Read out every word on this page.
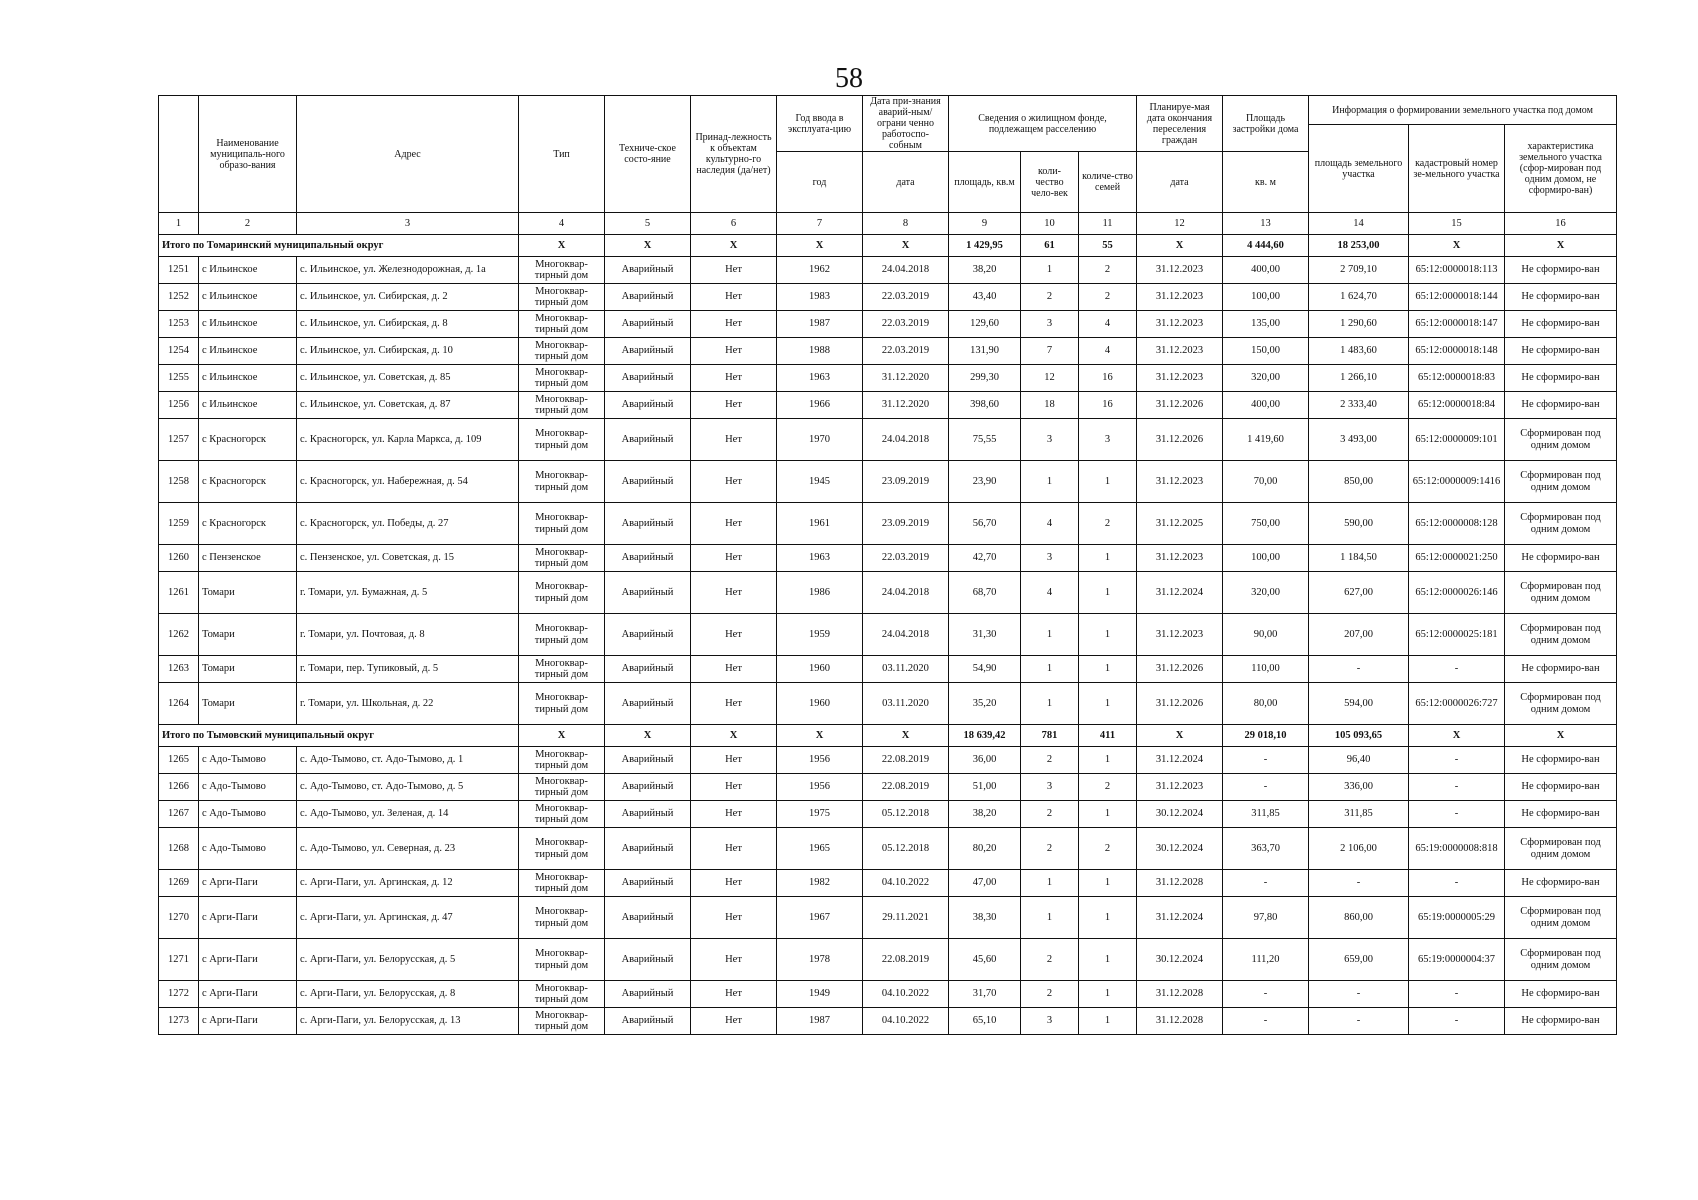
58
	Наименование муниципаль-ного образо-вания	Адрес	Тип	Техниче-ское состо-яние	Принад-лежность к объектам культурно-го наследия (да/нет)	Год ввода в эксплуата-цию	Дата при-знания аварий-ным/ограни ченно работоспо-собным	Сведения о жилищном фонде, подлежащем расселению			Планируе-мая дата окончания переселения граждан	Площадь застройки дома	Информация о формировании земельного участка под домом		
													площадь земельного участка	кадастровый номер зе-мельного участка	характеристика земельного участка (сфор-мирован под одним домом, не сформиро-ван)
						год	дата	площадь, кв.м	коли-чество чело-век	количе-ство семей	дата	кв. м			
1	2	3	4	5	6	7	8	9	10	11	12	13	14	15	16
Итого по Томаринский муниципальный округ			X	X	X	X	X	1 429,95	61	55	X	4 444,60	18 253,00	X	X
1251	с Ильинское	с. Ильинское, ул. Железнодорожная, д. 1а	Многоквар-тирный дом	Аварийный	Нет	1962	24.04.2018	38,20	1	2	31.12.2023	400,00	2 709,10	65:12:0000018:113	Не сформиро-ван
1252	с Ильинское	с. Ильинское, ул. Сибирская, д. 2	Многоквар-тирный дом	Аварийный	Нет	1983	22.03.2019	43,40	2	2	31.12.2023	100,00	1 624,70	65:12:0000018:144	Не сформиро-ван
1253	с Ильинское	с. Ильинское, ул. Сибирская, д. 8	Многоквар-тирный дом	Аварийный	Нет	1987	22.03.2019	129,60	3	4	31.12.2023	135,00	1 290,60	65:12:0000018:147	Не сформиро-ван
1254	с Ильинское	с. Ильинское, ул. Сибирская, д. 10	Многоквар-тирный дом	Аварийный	Нет	1988	22.03.2019	131,90	7	4	31.12.2023	150,00	1 483,60	65:12:0000018:148	Не сформиро-ван
1255	с Ильинское	с. Ильинское, ул. Советская, д. 85	Многоквар-тирный дом	Аварийный	Нет	1963	31.12.2020	299,30	12	16	31.12.2023	320,00	1 266,10	65:12:0000018:83	Не сформиро-ван
1256	с Ильинское	с. Ильинское, ул. Советская, д. 87	Многоквар-тирный дом	Аварийный	Нет	1966	31.12.2020	398,60	18	16	31.12.2026	400,00	2 333,40	65:12:0000018:84	Не сформиро-ван
1257	с Красногорск	с. Красногорск, ул. Карла Маркса, д. 109	Многоквар-тирный дом	Аварийный	Нет	1970	24.04.2018	75,55	3	3	31.12.2026	1 419,60	3 493,00	65:12:0000009:101	Сформирован под одним домом
1258	с Красногорск	с. Красногорск, ул. Набережная, д. 54	Многоквар-тирный дом	Аварийный	Нет	1945	23.09.2019	23,90	1	1	31.12.2023	70,00	850,00	65:12:0000009:1416	Сформирован под одним домом
1259	с Красногорск	с. Красногорск, ул. Победы, д. 27	Многоквар-тирный дом	Аварийный	Нет	1961	23.09.2019	56,70	4	2	31.12.2025	750,00	590,00	65:12:0000008:128	Сформирован под одним домом
1260	с Пензенское	с. Пензенское, ул. Советская, д. 15	Многоквар-тирный дом	Аварийный	Нет	1963	22.03.2019	42,70	3	1	31.12.2023	100,00	1 184,50	65:12:0000021:250	Не сформиро-ван
1261	Томари	г. Томари, ул. Бумажная, д. 5	Многоквар-тирный дом	Аварийный	Нет	1986	24.04.2018	68,70	4	1	31.12.2024	320,00	627,00	65:12:0000026:146	Сформирован под одним домом
1262	Томари	г. Томари, ул. Почтовая, д. 8	Многоквар-тирный дом	Аварийный	Нет	1959	24.04.2018	31,30	1	1	31.12.2023	90,00	207,00	65:12:0000025:181	Сформирован под одним домом
1263	Томари	г. Томари, пер. Тупиковый, д. 5	Многоквар-тирный дом	Аварийный	Нет	1960	03.11.2020	54,90	1	1	31.12.2026	110,00	-	-	Не сформиро-ван
1264	Томари	г. Томари, ул. Школьная, д. 22	Многоквар-тирный дом	Аварийный	Нет	1960	03.11.2020	35,20	1	1	31.12.2026	80,00	594,00	65:12:0000026:727	Сформирован под одним домом
Итого по Тымовский муниципальный округ			X	X	X	X	X	18 639,42	781	411	X	29 018,10	105 093,65	X	X
1265	с Адо-Тымово	с. Адо-Тымово, ст. Адо-Тымово, д. 1	Многоквар-тирный дом	Аварийный	Нет	1956	22.08.2019	36,00	2	1	31.12.2024	-	96,40	-	Не сформиро-ван
1266	с Адо-Тымово	с. Адо-Тымово, ст. Адо-Тымово, д. 5	Многоквар-тирный дом	Аварийный	Нет	1956	22.08.2019	51,00	3	2	31.12.2023	-	336,00	-	Не сформиро-ван
1267	с Адо-Тымово	с. Адо-Тымово, ул. Зеленая, д. 14	Многоквар-тирный дом	Аварийный	Нет	1975	05.12.2018	38,20	2	1	30.12.2024	311,85	311,85	-	Не сформиро-ван
1268	с Адо-Тымово	с. Адо-Тымово, ул. Северная, д. 23	Многоквар-тирный дом	Аварийный	Нет	1965	05.12.2018	80,20	2	2	30.12.2024	363,70	2 106,00	65:19:0000008:818	Сформирован под одним домом
1269	с Арги-Паги	с. Арги-Паги, ул. Аргинская, д. 12	Многоквар-тирный дом	Аварийный	Нет	1982	04.10.2022	47,00	1	1	31.12.2028	-	-	-	Не сформиро-ван
1270	с Арги-Паги	с. Арги-Паги, ул. Аргинская, д. 47	Многоквар-тирный дом	Аварийный	Нет	1967	29.11.2021	38,30	1	1	31.12.2024	97,80	860,00	65:19:0000005:29	Сформирован под одним домом
1271	с Арги-Паги	с. Арги-Паги, ул. Белорусская, д. 5	Многоквар-тирный дом	Аварийный	Нет	1978	22.08.2019	45,60	2	1	30.12.2024	111,20	659,00	65:19:0000004:37	Сформирован под одним домом
1272	с Арги-Паги	с. Арги-Паги, ул. Белорусская, д. 8	Многоквар-тирный дом	Аварийный	Нет	1949	04.10.2022	31,70	2	1	31.12.2028	-	-	-	Не сформиро-ван
1273	с Арги-Паги	с. Арги-Паги, ул. Белорусская, д. 13	Многоквар-тирный дом	Аварийный	Нет	1987	04.10.2022	65,10	3	1	31.12.2028	-	-	-	Не сформиро-ван
